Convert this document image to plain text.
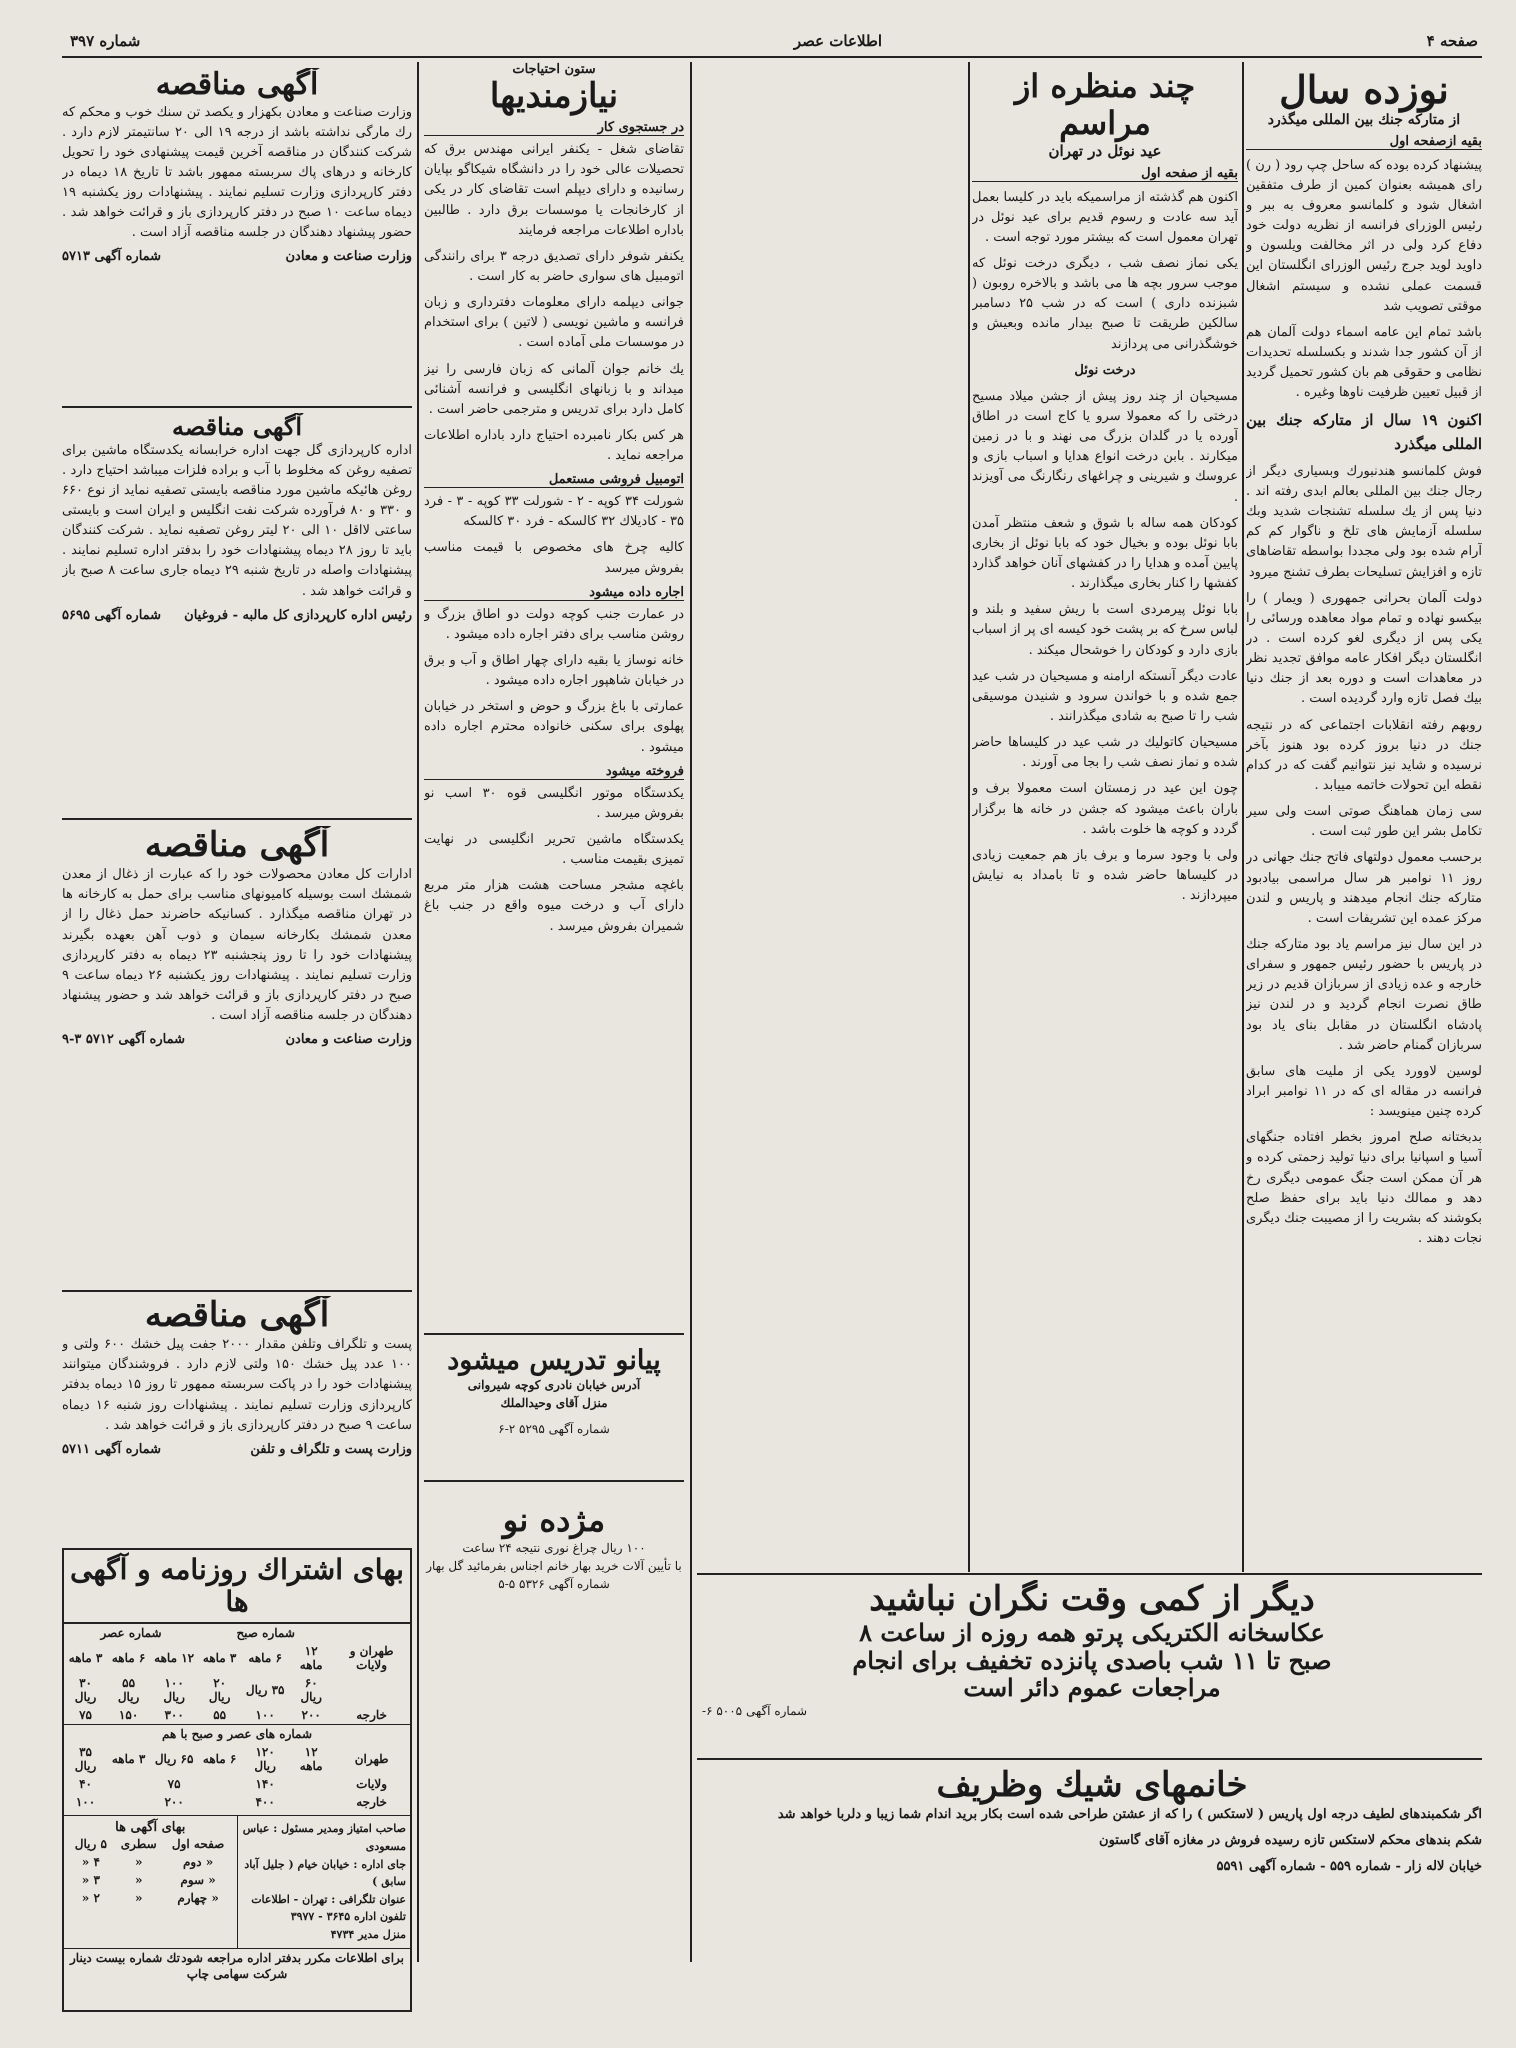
صفحه ۴
اطلاعات عصر
شماره ۳۹۷
نوزده سال
از متارکه جنك بين المللى ميگذرد
بقيه ازصفحه اول

پيشنهاد كرده بوده كه ساحل چپ رود ( رن ) راى هميشه بعنوان كمين از طرف متفقين اشغال شود و كلمانسو معروف به ببر و رئيس الوزراى فرانسه از نظريه دولت خود دفاع كرد ولى در اثر مخالفت ويلسون و داويد لويد جرج رئيس الوزراى انگلستان اين قسمت عملى نشده و سيستم اشغال موقتى تصويب شد

باشد تمام اين عامه اسماء دولت آلمان هم از آن كشور جدا شدند و بكسلسله تحديدات نظامى و حقوقى هم بان كشور تحميل گرديد از قبيل تعيين ظرفيت ناوها وغيره .

اكنون ۱۹ سال از متاركه جنك بين المللى ميگذرد

فوش كلمانسو هندنبورك وبسيارى ديگر از رجال جنك بين المللى بعالم ابدى رفته اند . دنيا پس از يك سلسله تشنجات شديد وبك سلسله آزمايش هاى تلخ و ناگوار كم كم آرام شده بود ولى مجددا بواسطه تقاضاهاى تازه و افزايش تسليحات بطرف تشنج ميرود

دولت آلمان بحرانى جمهورى ( ويمار ) را بيكسو نهاده و تمام مواد معاهده ورسائى را يكى پس از ديگرى لغو كرده است . در انگلستان ديگر افكار عامه موافق تجديد نظر در معاهدات است و دوره بعد از جنك دنيا بيك فصل تازه وارد گرديده است .

روبهم رفته انقلابات اجتماعى كه در نتيجه جنك در دنيا بروز كرده بود هنوز بآخر نرسيده و شايد نيز نتوانيم گفت كه در كدام نقطه اين تحولات خاتمه مييابد .

سى زمان هماهنگ صوتى است ولى سير تكامل بشر اين طور ثبت است .

برحسب معمول دولتهاى فاتح جنك جهانى در روز ۱۱ نوامبر هر سال مراسمى بيادبود متاركه جنك انجام ميدهند و پاريس و لندن مركز عمده اين تشريفات است .

در اين سال نيز مراسم ياد بود متاركه جنك در پاريس با حضور رئيس جمهور و سفراى خارجه و عده زيادى از سربازان قديم در زير طاق نصرت انجام گرديد و در لندن نيز پادشاه انگلستان در مقابل بناى ياد بود سربازان گمنام حاضر شد .

لوسين لاوورد يكى از مليت هاى سابق فرانسه در مقاله اى كه در ۱۱ نوامبر ابراد كرده چنين مينويسد :

بدبختانه صلح امروز بخطر افتاده جنگهاى آسيا و اسپانيا براى دنيا توليد زحمتى كرده و هر آن ممكن است جنگ عمومى ديگرى رخ دهد و ممالك دنيا بايد براى حفظ صلح بكوشند كه بشريت را از مصيبت جنك ديگرى نجات دهند .

چند منظره از مراسم
عيد نوئل در تهران
بقيه از صفحه اول

اكنون هم گذشته از مراسميكه بايد در كليسا بعمل آيد سه عادت و رسوم قديم براى عيد نوئل در تهران معمول است كه بيشتر مورد توجه است .

يكى نماز نصف شب ، ديگرى درخت نوئل كه موجب سرور بچه ها مى باشد و بالاخره روبون ( شبزنده دارى ) است كه در شب ۲۵ دسامبر سالكين طريقت تا صبح بيدار مانده وبعيش و خوشگذرانى مى پردازند

درخت نوئل

مسيحيان از چند روز پيش از جشن ميلاد مسيح درختى را كه معمولا سرو يا كاج است در اطاق آورده يا در گلدان بزرگ مى نهند و با در زمين ميكارند . بابن درخت انواع هدايا و اسباب بازى و عروسك و شيرينى و چراغهاى رنگارنگ مى آويزند .

كودكان همه ساله با شوق و شعف منتظر آمدن بابا نوئل بوده و بخيال خود كه بابا نوئل از بخارى پايين آمده و هدايا را در كفشهاى آنان خواهد گذارد كفشها را كنار بخارى ميگذارند .

بابا نوئل پيرمردى است با ريش سفيد و بلند و لباس سرخ كه بر پشت خود كيسه اى پر از اسباب بازى دارد و كودكان را خوشحال ميكند .

عادت ديگر آنستكه ارامنه و مسيحيان در شب عيد جمع شده و با خواندن سرود و شنيدن موسيقى شب را تا صبح به شادى ميگذرانند .

مسيحيان كاتوليك در شب عيد در كليساها حاضر شده و نماز نصف شب را بجا مى آورند .

چون اين عيد در زمستان است معمولا برف و باران باعث ميشود كه جشن در خانه ها برگزار گردد و كوچه ها خلوت باشد .

ولى با وجود سرما و برف باز هم جمعيت زيادى در كليساها حاضر شده و تا بامداد به نيايش ميپردازند .

ستون احتياجات
نيازمنديها
در جستجوى كار

تقاضاى شغل - يكنفر ايرانى مهندس برق كه تحصيلات عالى خود را در دانشگاه شيكاگو بپايان رسانيده و داراى ديپلم است تقاضاى كار در يكى از كارخانجات يا موسسات برق دارد . طالبين باداره اطلاعات مراجعه فرمايند

يكنفر شوفر داراى تصديق درجه ۳ براى رانندگى اتومبيل هاى سوارى حاضر به كار است .

جوانى ديپلمه داراى معلومات دفتردارى و زبان فرانسه و ماشين نويسى ( لاتين ) براى استخدام در موسسات ملى آماده است .

يك خانم جوان آلمانى كه زبان فارسى را نيز ميداند و با زبانهاى انگليسى و فرانسه آشنائى كامل دارد براى تدريس و مترجمى حاضر است .

هر كس بكار نامبرده احتياج دارد باداره اطلاعات مراجعه نمايد .

اتومبيل فروشى مستعمل

شورلت ۳۴ كوپه - ۲ - شورلت ۳۳ كوپه - ۳ - فرد ۳۵ - كاديلاك ۳۲ كالسكه - فرد ۳۰ كالسكه

كاليه چرخ هاى مخصوص با قيمت مناسب بفروش ميرسد

اجاره داده ميشود

در عمارت جنب كوچه دولت دو اطاق بزرگ و روشن مناسب براى دفتر اجاره داده ميشود .

خانه نوساز يا بقيه داراى چهار اطاق و آب و برق در خيابان شاهپور اجاره داده ميشود .

عمارتى با باغ بزرگ و حوض و استخر در خيابان پهلوى براى سكنى خانواده محترم اجاره داده ميشود .

فروخته ميشود

يكدستگاه موتور انگليسى قوه ۳۰ اسب نو بفروش ميرسد .

يكدستگاه ماشين تحرير انگليسى در نهايت تميزى بقيمت مناسب .

باغچه مشجر مساحت هشت هزار متر مربع داراى آب و درخت ميوه واقع در جنب باغ شميران بفروش ميرسد .

پيانو تدريس ميشود
آدرس خيابان نادرى كوچه شيروانى
منزل آقاى وحيدالملك
شماره آگهى ۵۲۹۵ ۲-۶
مژده نو
۱۰۰ ريال چراغ نورى نتيجه ۲۴ ساعت
با تأيين آلات خريد بهار خانم اجناس بفرمائيد گل بهار
شماره آگهى ۵۳۲۶ ۵-۵
آگهى مناقصه

وزارت صناعت و معادن بكهزار و يكصد تن سنك خوب و محكم كه رك مارگى نداشته باشد از درجه ۱۹ الى ۲۰ سانتيمتر لازم دارد . شركت كنندگان در مناقصه آخرين قيمت پيشنهادى خود را تحويل كارخانه و درهاى پاك سربسته ممهور باشد تا تاريخ ۱۸ ديماه در دفتر كارپردازى وزارت تسليم نمايند . پيشنهادات روز يكشنبه ۱۹ ديماه ساعت ۱۰ صبح در دفتر كارپردازى باز و قرائت خواهد شد . حضور پيشنهاد دهندگان در جلسه مناقصه آزاد است .

وزارت صناعت و معادن
شماره آگهى ۵۷۱۳
آگهى مناقصه

اداره كارپردازى گل جهت اداره خرابسانه يكدستگاه ماشين براى تصفيه روغن كه مخلوط با آب و براده فلزات ميباشد احتياج دارد . روغن هائيكه ماشين مورد مناقصه بايستى تصفيه نمايد از نوع ۶۶۰ و ۳۳۰ و ۸۰ فرآورده شركت نفت انگليس و ايران است و بايستى ساعتى لااقل ۱۰ الى ۲۰ ليتر روغن تصفيه نمايد . شركت كنندگان بايد تا روز ۲۸ ديماه پيشنهادات خود را بدفتر اداره تسليم نمايند . پيشنهادات واصله در تاريخ شنبه ۲۹ ديماه جارى ساعت ۸ صبح باز و قرائت خواهد شد .

رئيس اداره كارپردازى كل مالبه - فروغيان
شماره آگهى ۵۶۹۵
آگهى مناقصه

ادارات كل معادن محصولات خود را كه عبارت از ذغال از معدن شمشك است بوسيله كاميونهاى مناسب براى حمل به كارخانه ها در تهران مناقصه ميگذارد . كسانيكه حاضرند حمل ذغال را از معدن شمشك بكارخانه سيمان و ذوب آهن بعهده بگيرند پيشنهادات خود را تا روز پنجشنبه ۲۳ ديماه به دفتر كارپردازى وزارت تسليم نمايند . پيشنهادات روز يكشنبه ۲۶ ديماه ساعت ۹ صبح در دفتر كارپردازى باز و قرائت خواهد شد و حضور پيشنهاد دهندگان در جلسه مناقصه آزاد است .

وزارت صناعت و معادن
شماره آگهى ۵۷۱۲ ۳-۹
آگهى مناقصه

پست و تلگراف وتلفن مقدار ۲۰۰۰ جفت پيل خشك ۶۰۰ ولتى و ۱۰۰ عدد پيل خشك ۱۵۰ ولتى لازم دارد . فروشندگان ميتوانند پيشنهادات خود را در پاكت سربسته ممهور تا روز ۱۵ ديماه بدفتر كارپردازى وزارت تسليم نمايند . پيشنهادات روز شنبه ۱۶ ديماه ساعت ۹ صبح در دفتر كارپردازى باز و قرائت خواهد شد .

وزارت پست و تلگراف و تلفن
شماره آگهى ۵۷۱۱
بهاى اشتراك روزنامه و آگهى ها
	شماره صبح			شماره عصر		
طهران و ولايات	۱۲ ماهه	۶ ماهه	۳ ماهه	۱۲ ماهه	۶ ماهه	۳ ماهه
	۶۰ ريال	۳۵ ريال	۲۰ ريال	۱۰۰ ريال	۵۵ ريال	۳۰ ريال
خارجه	۲۰۰	۱۰۰	۵۵	۳۰۰	۱۵۰	۷۵
شماره هاى عصر و صبح با هم						
طهران	۱۲ ماهه	۱۲۰ ريال	۶ ماهه	۶۵ ريال	۳ ماهه	۳۵ ريال
ولايات		۱۴۰		۷۵		۴۰
خارجه		۴۰۰		۲۰۰		۱۰۰
صاحب امتياز ومدير مسئول : عباس مسعودى
جاى اداره : خيابان خيام ( جليل آباد سابق )
عنوان تلگرافى : تهران - اطلاعات
تلفون اداره ۳۶۴۵ - ۳۹۷۷
منزل مدير ۴۷۳۴
بهاى آگهى ها
صفحه اول	سطرى	۵ ريال
« دوم	«	۴ «
« سوم	«	۳ «
« چهارم	«	۲ «
براى اطلاعات مكرر بدفتر اداره مراجعه شود
تك شماره بيست دينار
شركت سهامى چاپ
ديگر از كمى وقت نگران نباشيد
عكاسخانه الكتريكى پرتو همه روزه از ساعت ۸
صبح تا ۱۱ شب باصدى پانزده تخفيف براى انجام
مراجعات عموم دائر است
شماره آگهى ۵۰۰۵ ۶-
خانمهاى شيك وظريف

اگر شكمبندهاى لطيف درجه اول پاريس ( لاستكس ) را كه از عشتن طراحى شده است بكار بريد اندام شما زيبا و دلربا خواهد شد

شكم بندهاى محكم لاستكس تازه رسيده فروش در مغازه آقاى گاستون

خيابان لاله زار - شماره ۵۵۹ - شماره آگهى ۵۵۹۱
